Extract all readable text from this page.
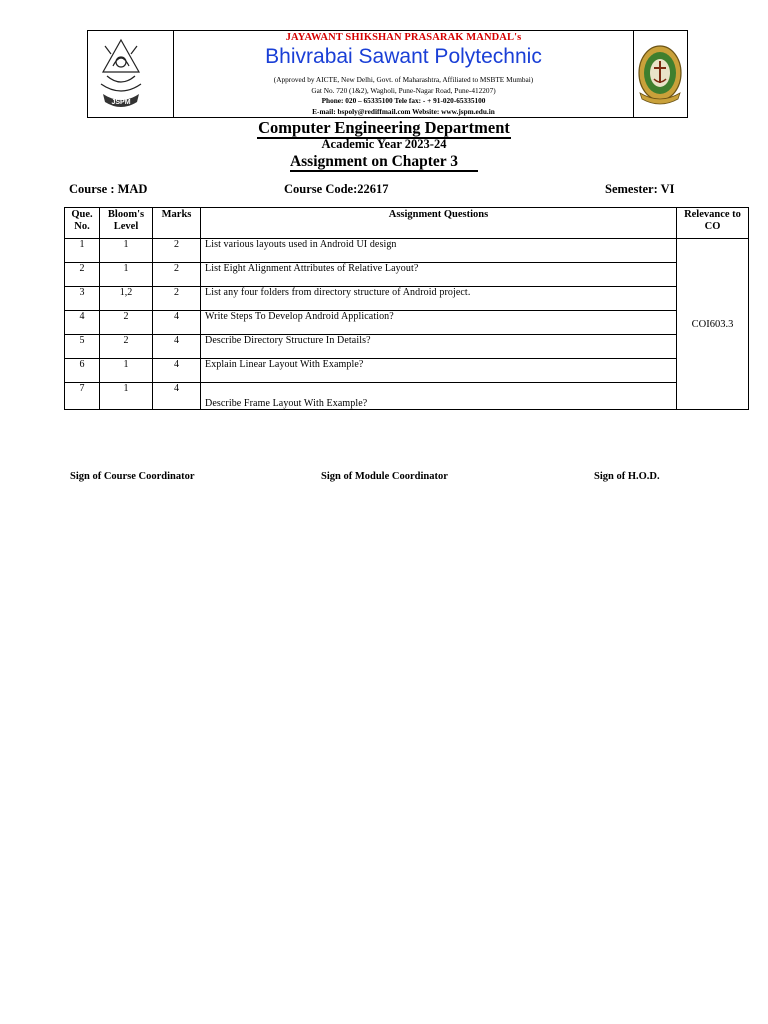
JSPM
JAYAWANT SHIKSHAN PRASARAK MANDAL's
Bhivrabai Sawant Polytechnic
(Approved by AICTE, New Delhi, Govt. of Maharashtra, Affiliated to MSBTE Mumbai)
Gat No. 720 (1&2), Wagholi, Pune-Nagar Road, Pune-412207)
Phone: 020 – 65335100 Tele fax: - + 91-020-65335100
E-mail: bspoly@rediffmail.com Website: www.jspm.edu.in
Computer Engineering Department
Academic Year 2023-24
Assignment on Chapter 3
Course : MAD	Course Code:22617	Semester: VI
Que. No.	Bloom's Level	Marks	Assignment Questions	Relevance to CO
1	1	2	List various layouts used in Android UI design	COI603.3
2	1	2	List Eight Alignment Attributes of Relative Layout?	
3	1,2	2	List any four folders from directory structure of Android project.	
4	2	4	Write Steps To Develop Android Application?	
5	2	4	Describe Directory Structure In Details?	
6	1	4	Explain Linear Layout With Example?	
7	1	4	Describe Frame Layout With Example?	
Sign of Course Coordinator	Sign of Module Coordinator	Sign of H.O.D.
